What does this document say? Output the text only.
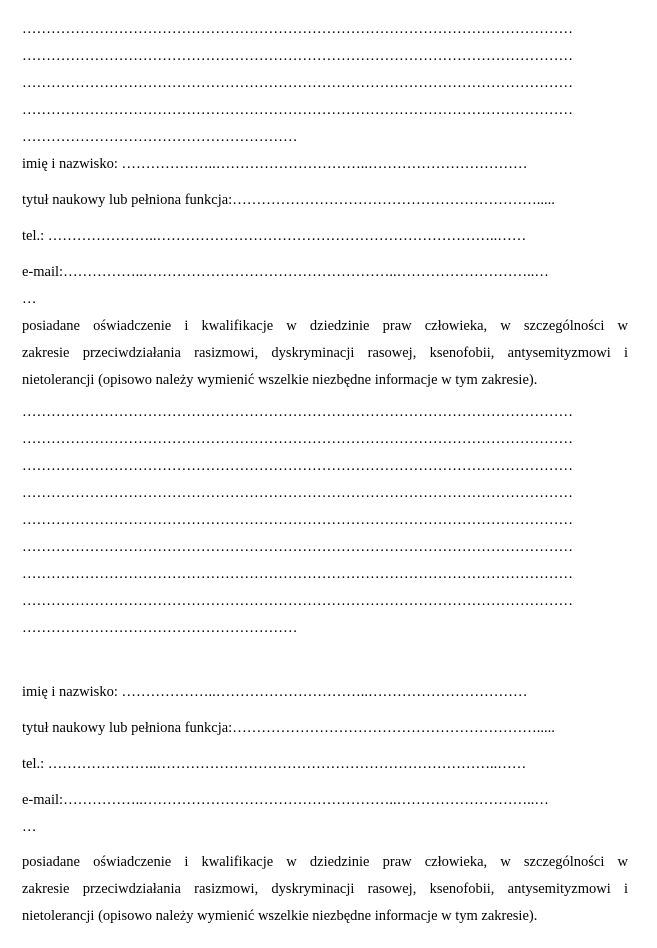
……………………………………………………………………………………………………
……………………………………………………………………………………………………
……………………………………………………………………………………………………
……………………………………………………………………………………………………
…………………………………………………
imię i nazwisko: ………………..…………………………..……………………………
tytuł naukowy lub pełniona funkcja:……………………………………………………….....
tel.: …………………..……………………………………………………………..……
e-mail:……………..……………………………………………..………………………..…
…
posiadane oświadczenie i kwalifikacje w dziedzinie praw człowieka, w szczególności w
zakresie przeciwdziałania rasizmowi, dyskryminacji rasowej, ksenofobii, antysemityzmowi i
nietolerancji (opisowo należy wymienić wszelkie niezbędne informacje w tym zakresie).
……………………………………………………………………………………………………
……………………………………………………………………………………………………
……………………………………………………………………………………………………
……………………………………………………………………………………………………
……………………………………………………………………………………………………
……………………………………………………………………………………………………
……………………………………………………………………………………………………
……………………………………………………………………………………………………
…………………………………………………
imię i nazwisko: ………………..…………………………..……………………………
tytuł naukowy lub pełniona funkcja:……………………………………………………….....
tel.: …………………..……………………………………………………………..……
e-mail:……………..……………………………………………..………………………..…
…
posiadane oświadczenie i kwalifikacje w dziedzinie praw człowieka, w szczególności w
zakresie przeciwdziałania rasizmowi, dyskryminacji rasowej, ksenofobii, antysemityzmowi i
nietolerancji (opisowo należy wymienić wszelkie niezbędne informacje w tym zakresie).
